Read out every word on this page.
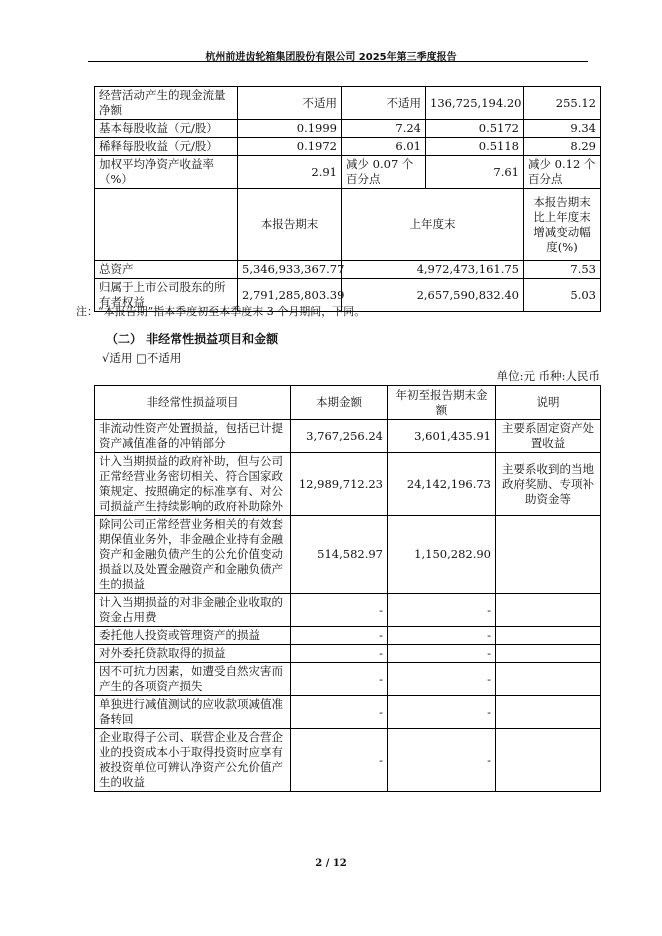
杭州前进齿轮箱集团股份有限公司 2025年第三季度报告
经营活动产生的现金流量净额	不适用	不适用	136,725,194.20	255.12
基本每股收益（元/股）	0.1999	7.24	0.5172	9.34
稀释每股收益（元/股）	0.1972	6.01	0.5118	8.29
加权平均净资产收益率（%）	2.91	减少 0.07 个百分点	7.61	减少 0.12 个百分点
	本报告期末	上年度末		本报告期末比上年度末增减变动幅度(%)
总资产	5,346,933,367.77	4,972,473,161.75		7.53
归属于上市公司股东的所有者权益	2,791,285,803.39	2,657,590,832.40		5.03
注：“本报告期”指本季度初至本季度末 3 个月期间，下同。
（二） 非经常性损益项目和金额
√适用 □不适用
单位:元 币种:人民币
非经常性损益项目	本期金额	年初至报告期末金额	说明
非流动性资产处置损益，包括已计提资产减值准备的冲销部分	3,767,256.24	3,601,435.91	主要系固定资产处置收益
计入当期损益的政府补助，但与公司正常经营业务密切相关、符合国家政策规定、按照确定的标准享有、对公司损益产生持续影响的政府补助除外	12,989,712.23	24,142,196.73	主要系收到的当地政府奖励、专项补助资金等
除同公司正常经营业务相关的有效套期保值业务外，非金融企业持有金融资产和金融负债产生的公允价值变动损益以及处置金融资产和金融负债产生的损益	514,582.97	1,150,282.90	
计入当期损益的对非金融企业收取的资金占用费	-	-	
委托他人投资或管理资产的损益	-	-	
对外委托贷款取得的损益	-	-	
因不可抗力因素，如遭受自然灾害而产生的各项资产损失	-	-	
单独进行减值测试的应收款项减值准备转回	-	-	
企业取得子公司、联营企业及合营企业的投资成本小于取得投资时应享有被投资单位可辨认净资产公允价值产生的收益	-	-	
2 / 12
